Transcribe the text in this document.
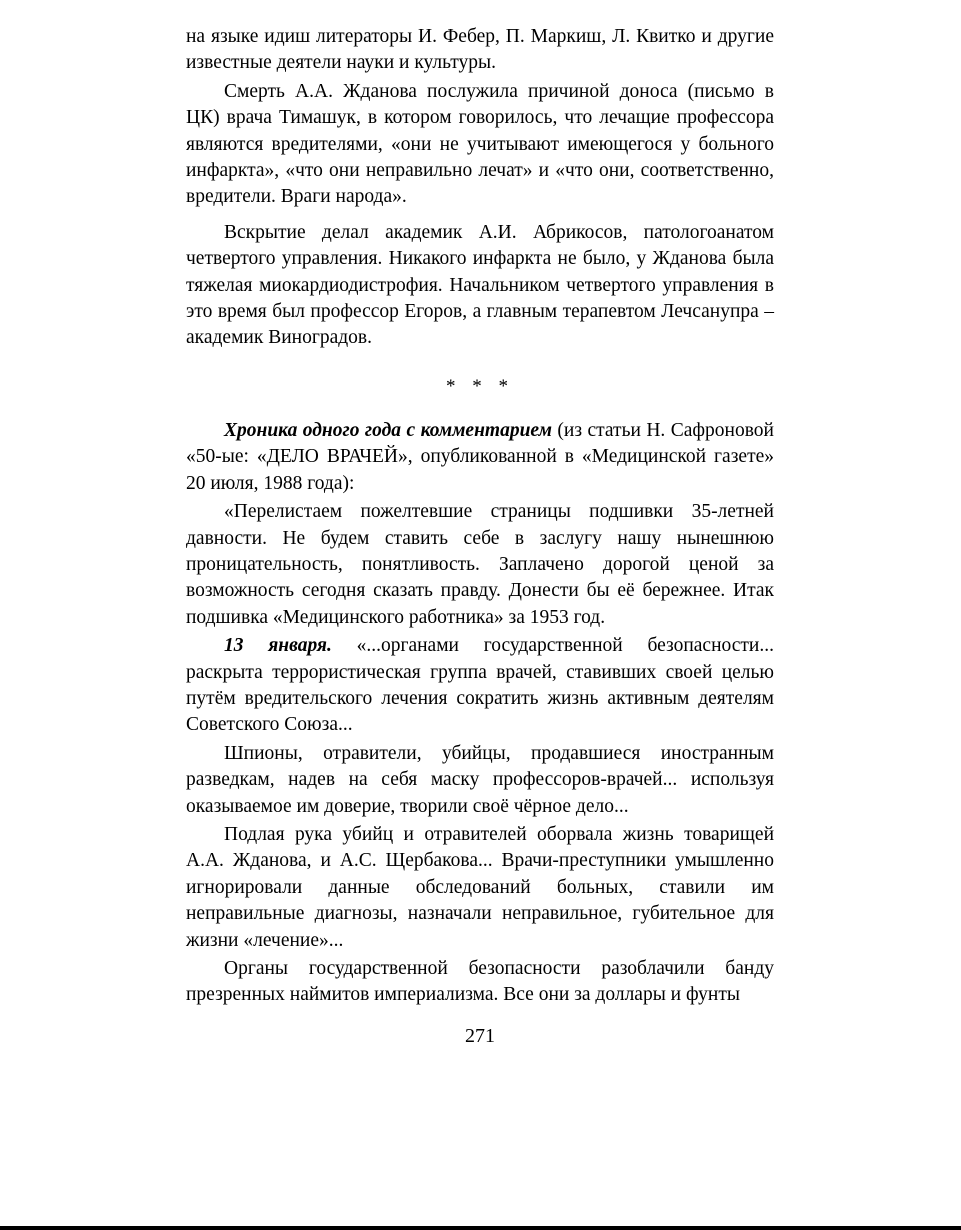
на языке идиш литераторы И. Фебер, П. Маркиш, Л. Квитко и другие известные деятели науки и культуры.

Смерть А.А. Жданова послужила причиной доноса (письмо в ЦК) врача Тимашук, в котором говорилось, что лечащие профессора являются вредителями, «они не учитывают имеющегося у больного инфаркта», «что они неправильно лечат» и «что они, соответственно, вредители. Враги народа».

Вскрытие делал академик А.И. Абрикосов, патологоанатом четвертого управления. Никакого инфаркта не было, у Жданова была тяжелая миокардиодистрофия. Начальником четвертого управления в это время был профессор Егоров, а главным терапевтом Лечсанупра – академик Виноградов.

* * *

Хроника одного года с комментарием (из статьи Н. Сафроновой «50-ые: «ДЕЛО ВРАЧЕЙ», опубликованной в «Медицинской газете» 20 июля, 1988 года):

«Перелистаем пожелтевшие страницы подшивки 35-летней давности. Не будем ставить себе в заслугу нашу нынешнюю проницательность, понятливость. Заплачено дорогой ценой за возможность сегодня сказать правду. Донести бы её бережнее. Итак подшивка «Медицинского работника» за 1953 год.

13 января. «...органами государственной безопасности... раскрыта террористическая группа врачей, ставивших своей целью путём вредительского лечения сократить жизнь активным деятелям Советского Союза...

Шпионы, отравители, убийцы, продавшиеся иностранным разведкам, надев на себя маску профессоров-врачей... используя оказываемое им доверие, творили своё чёрное дело...

Подлая рука убийц и отравителей оборвала жизнь товарищей А.А. Жданова, и А.С. Щербакова... Врачи-преступники умышленно игнорировали данные обследований больных, ставили им неправильные диагнозы, назначали неправильное, губительное для жизни «лечение»...

Органы государственной безопасности разоблачили банду презренных наймитов империализма. Все они за доллары и фунты

271
